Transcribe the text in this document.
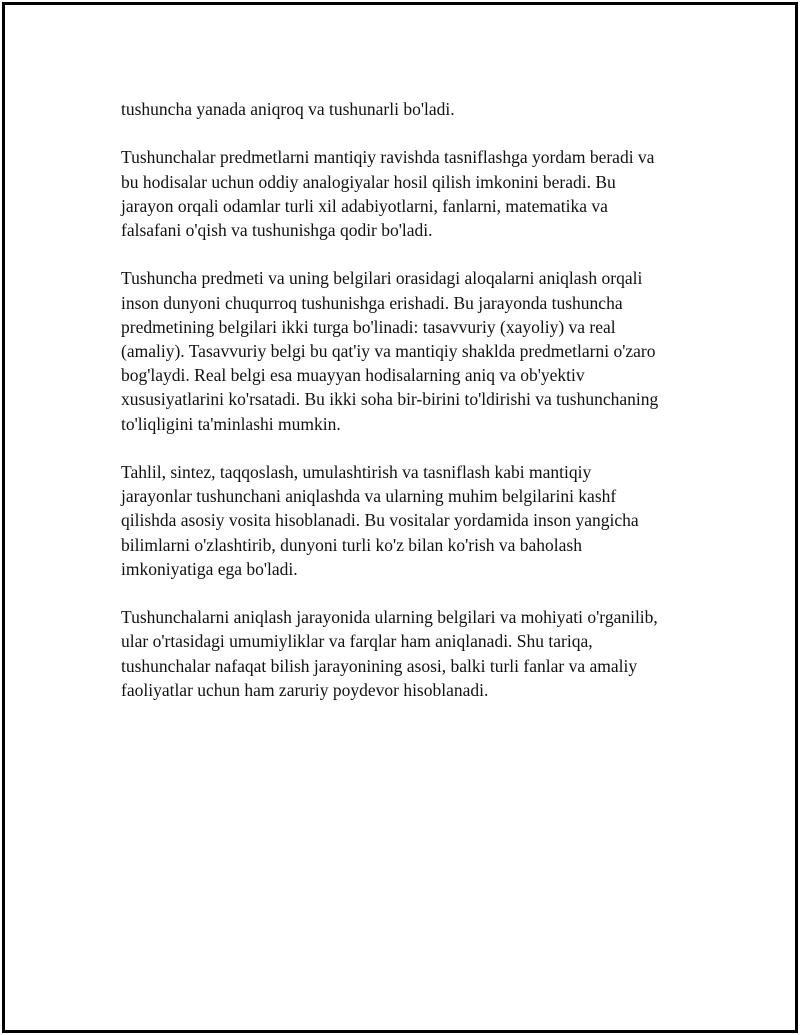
tushuncha yanada aniqroq va tushunarli bo'ladi.
Tushunchalar predmetlarni mantiqiy ravishda tasniflashga yordam beradi va
bu hodisalar uchun oddiy analogiyalar hosil qilish imkonini beradi. Bu
jarayon orqali odamlar turli xil adabiyotlarni, fanlarni, matematika va
falsafani o'qish va tushunishga qodir bo'ladi.
Tushuncha predmeti va uning belgilari orasidagi aloqalarni aniqlash orqali
inson dunyoni chuqurroq tushunishga erishadi. Bu jarayonda tushuncha
predmetining belgilari ikki turga bo'linadi: tasavvuriy (xayoliy) va real
(amaliy). Tasavvuriy belgi bu qat'iy va mantiqiy shaklda predmetlarni o'zaro
bog'laydi. Real belgi esa muayyan hodisalarning aniq va ob'yektiv
xususiyatlarini ko'rsatadi. Bu ikki soha bir-birini to'ldirishi va tushunchaning
to'liqligini ta'minlashi mumkin.
Tahlil, sintez, taqqoslash, umulashtirish va tasniflash kabi mantiqiy
jarayonlar tushunchani aniqlashda va ularning muhim belgilarini kashf
qilishda asosiy vosita hisoblanadi. Bu vositalar yordamida inson yangicha
bilimlarni o'zlashtirib, dunyoni turli ko'z bilan ko'rish va baholash
imkoniyatiga ega bo'ladi.
Tushunchalarni aniqlash jarayonida ularning belgilari va mohiyati o'rganilib,
ular o'rtasidagi umumiyliklar va farqlar ham aniqlanadi. Shu tariqa,
tushunchalar nafaqat bilish jarayonining asosi, balki turli fanlar va amaliy
faoliyatlar uchun ham zaruriy poydevor hisoblanadi.
